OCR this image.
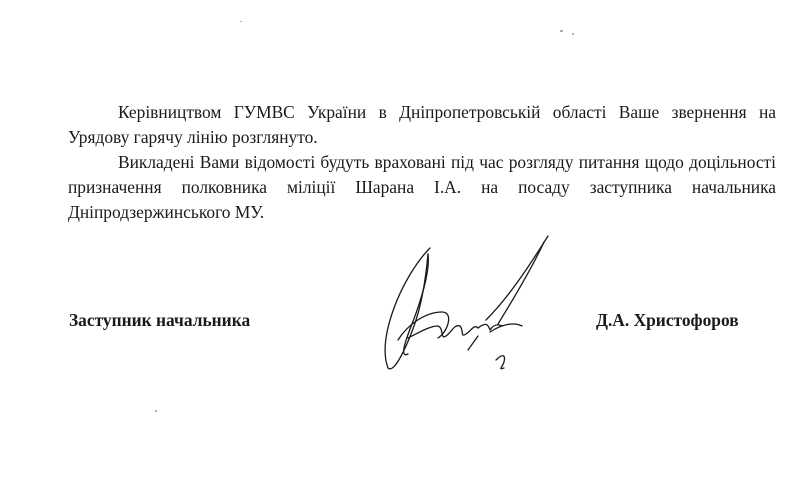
Керівництвом ГУМВС України в Дніпропетровській області Ваше звернення на Урядову гарячу лінію розглянуто.

Викладені Вами відомості будуть враховані під час розгляду питання щодо доцільності призначення полковника міліції Шарана І.А. на посаду заступника начальника Дніпродзержинського МУ.

Заступник начальника	Д.А. Христофоров
